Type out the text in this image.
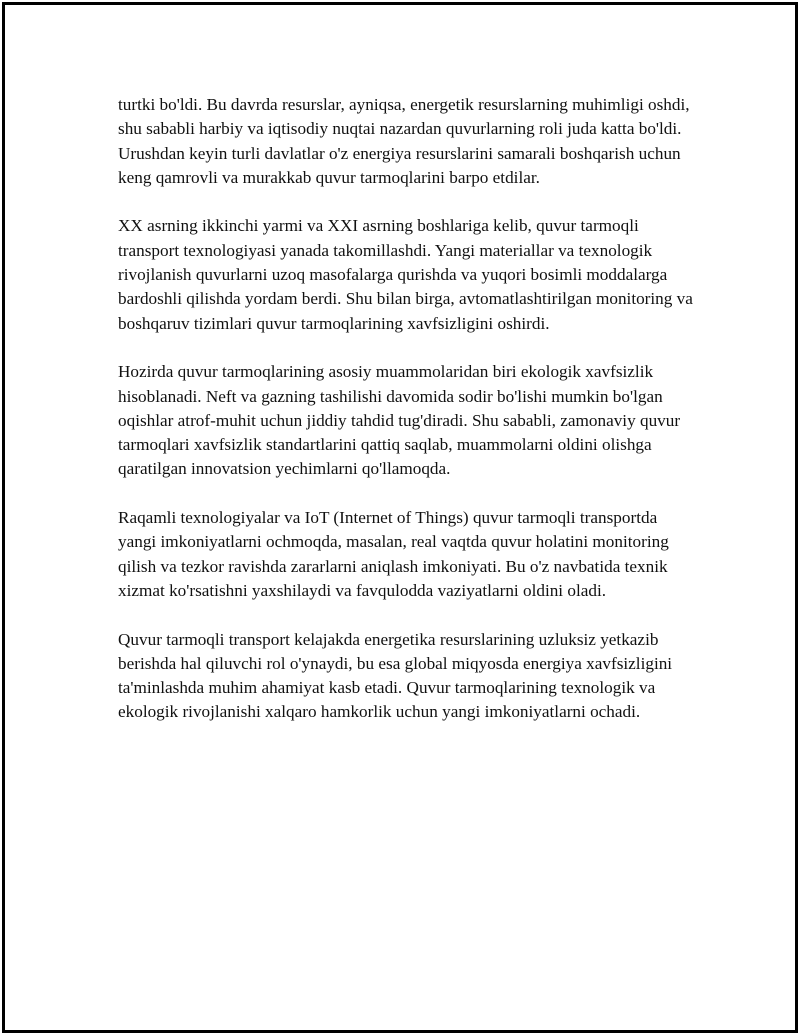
turtki bo'ldi. Bu davrda resurslar, ayniqsa, energetik resurslarning muhimligi oshdi, shu sababli harbiy va iqtisodiy nuqtai nazardan quvurlarning roli juda katta bo'ldi. Urushdan keyin turli davlatlar o'z energiya resurslarini samarali boshqarish uchun keng qamrovli va murakkab quvur tarmoqlarini barpo etdilar.

XX asrning ikkinchi yarmi va XXI asrning boshlariga kelib, quvur tarmoqli transport texnologiyasi yanada takomillashdi. Yangi materiallar va texnologik rivojlanish quvurlarni uzoq masofalarga qurishda va yuqori bosimli moddalarga bardoshli qilishda yordam berdi. Shu bilan birga, avtomatlashtirilgan monitoring va boshqaruv tizimlari quvur tarmoqlarining xavfsizligini oshirdi.

Hozirda quvur tarmoqlarining asosiy muammolaridan biri ekologik xavfsizlik hisoblanadi. Neft va gazning tashilishi davomida sodir bo'lishi mumkin bo'lgan oqishlar atrof-muhit uchun jiddiy tahdid tug'diradi. Shu sababli, zamonaviy quvur tarmoqlari xavfsizlik standartlarini qattiq saqlab, muammolarni oldini olishga qaratilgan innovatsion yechimlarni qo'llamoqda.

Raqamli texnologiyalar va IoT (Internet of Things) quvur tarmoqli transportda yangi imkoniyatlarni ochmoqda, masalan, real vaqtda quvur holatini monitoring qilish va tezkor ravishda zararlarni aniqlash imkoniyati. Bu o'z navbatida texnik xizmat ko'rsatishni yaxshilaydi va favqulodda vaziyatlarni oldini oladi.

Quvur tarmoqli transport kelajakda energetika resurslarining uzluksiz yetkazib berishda hal qiluvchi rol o'ynaydi, bu esa global miqyosda energiya xavfsizligini ta'minlashda muhim ahamiyat kasb etadi. Quvur tarmoqlarining texnologik va ekologik rivojlanishi xalqaro hamkorlik uchun yangi imkoniyatlarni ochadi.
